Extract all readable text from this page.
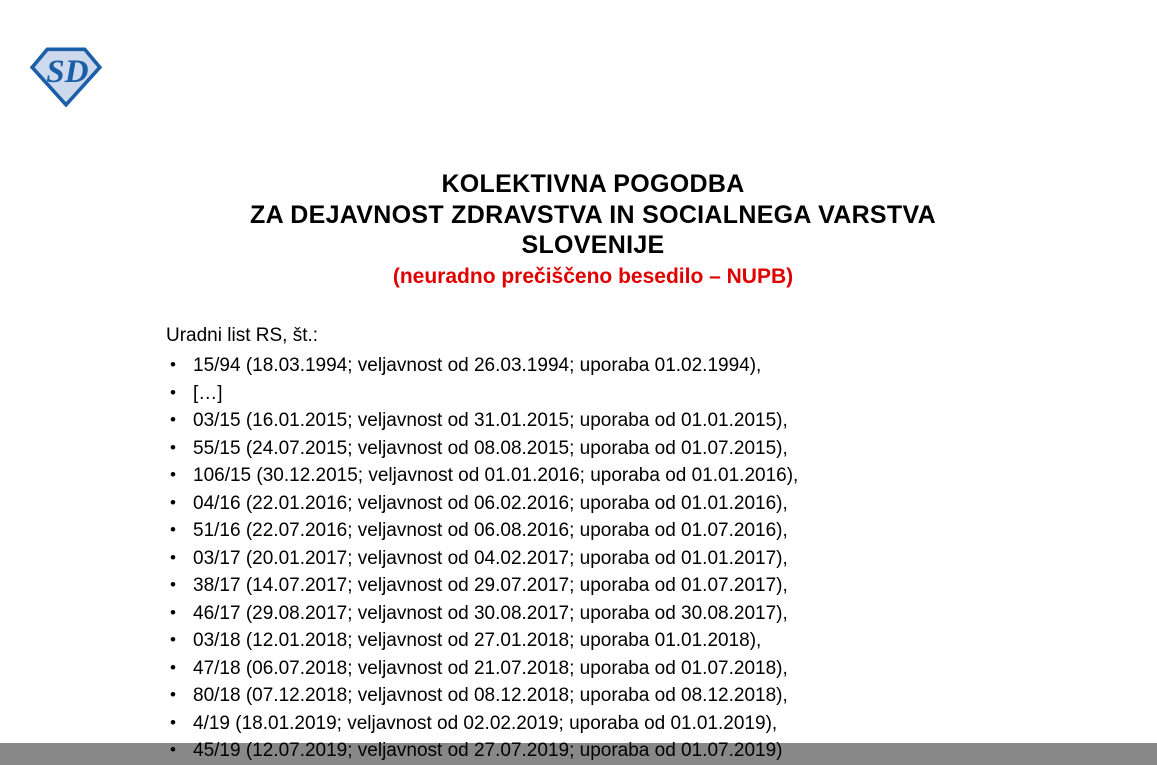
SD
KOLEKTIVNA POGODBA
ZA DEJAVNOST ZDRAVSTVA IN SOCIALNEGA VARSTVA
SLOVENIJE
(neuradno prečiščeno besedilo – NUPB)
Uradni list RS, št.:
• 15/94 (18.03.1994; veljavnost od 26.03.1994; uporaba 01.02.1994),
• […]
• 03/15 (16.01.2015; veljavnost od 31.01.2015; uporaba od 01.01.2015),
• 55/15 (24.07.2015; veljavnost od 08.08.2015; uporaba od 01.07.2015),
• 106/15 (30.12.2015; veljavnost od 01.01.2016; uporaba od 01.01.2016),
• 04/16 (22.01.2016; veljavnost od 06.02.2016; uporaba od 01.01.2016),
• 51/16 (22.07.2016; veljavnost od 06.08.2016; uporaba od 01.07.2016),
• 03/17 (20.01.2017; veljavnost od 04.02.2017; uporaba od 01.01.2017),
• 38/17 (14.07.2017; veljavnost od 29.07.2017; uporaba od 01.07.2017),
• 46/17 (29.08.2017; veljavnost od 30.08.2017; uporaba od 30.08.2017),
• 03/18 (12.01.2018; veljavnost od 27.01.2018; uporaba 01.01.2018),
• 47/18 (06.07.2018; veljavnost od 21.07.2018; uporaba od 01.07.2018),
• 80/18 (07.12.2018; veljavnost od 08.12.2018; uporaba od 08.12.2018),
• 4/19 (18.01.2019; veljavnost od 02.02.2019; uporaba od 01.01.2019),
• 45/19 (12.07.2019; veljavnost od 27.07.2019; uporaba od 01.07.2019)
